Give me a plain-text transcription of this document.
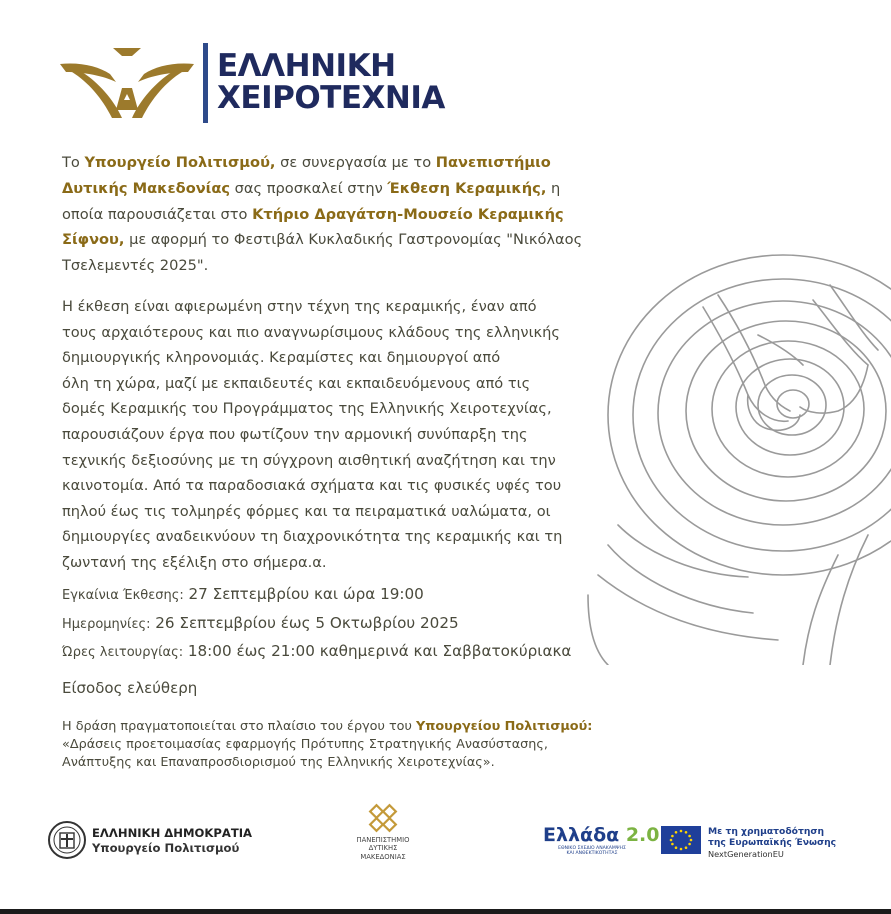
ΕΛΛΗΝΙΚΗ
ΧΕΙΡΟΤΕΧΝΙΑ
Το Υπουργείο Πολιτισμού, σε συνεργασία με το Πανεπιστήμιο Δυτικής Μακεδονίας σας προσκαλεί στην Έκθεση Κεραμικής, η οποία παρουσιάζεται στο Κτήριο Δραγάτση-Μουσείο Κεραμικής Σίφνου, με αφορμή το Φεστιβάλ Κυκλαδικής Γαστρονομίας "Νικόλαος Τσελεμεντές 2025".
Η έκθεση είναι αφιερωμένη στην τέχνη της κεραμικής, έναν από
τους αρχαιότερους και πιο αναγνωρίσιμους κλάδους της ελληνικής
δημιουργικής κληρονομιάς. Κεραμίστες και δημιουργοί από
όλη τη χώρα, μαζί με εκπαιδευτές και εκπαιδευόμενους από τις
δομές Κεραμικής του Προγράμματος της Ελληνικής Χειροτεχνίας,
παρουσιάζουν έργα που φωτίζουν την αρμονική συνύπαρξη της
τεχνικής δεξιοσύνης με τη σύγχρονη αισθητική αναζήτηση και την
καινοτομία. Από τα παραδοσιακά σχήματα και τις φυσικές υφές του
πηλού έως τις τολμηρές φόρμες και τα πειραματικά υαλώματα, οι
δημιουργίες αναδεικνύουν τη διαχρονικότητα της κεραμικής και τη
ζωντανή της εξέλιξη στο σήμερα.α.
Εγκαίνια Έκθεσης: 27 Σεπτεμβρίου και ώρα 19:00
Ημερομηνίες: 26 Σεπτεμβρίου έως 5 Οκτωβρίου 2025
Ώρες λειτουργίας: 18:00 έως 21:00 καθημερινά και Σαββατοκύριακα
Είσοδος ελεύθερη
Η δράση πραγματοποιείται στο πλαίσιο του έργου του Υπουργείου Πολιτισμού:
«Δράσεις προετοιμασίας εφαρμογής Πρότυπης Στρατηγικής Ανασύστασης,
Ανάπτυξης και Επαναπροσδιορισμού της Ελληνικής Χειροτεχνίας».
ΕΛΛΗΝΙΚΗ ΔΗΜΟΚΡΑΤΙΑ
Υπουργείο Πολιτισμού
ΠΑΝΕΠΙΣΤΗΜΙΟ
ΔΥΤΙΚΗΣ
ΜΑΚΕΔΟΝΙΑΣ
Ελλάδα 2.0
ΕΘΝΙΚΟ ΣΧΕΔΙΟ ΑΝΑΚΑΜΨΗΣ
ΚΑΙ ΑΝΘΕΚΤΙΚΟΤΗΤΑΣ
Με τη χρηματοδότηση
της Ευρωπαϊκής Ένωσης
NextGenerationEU
